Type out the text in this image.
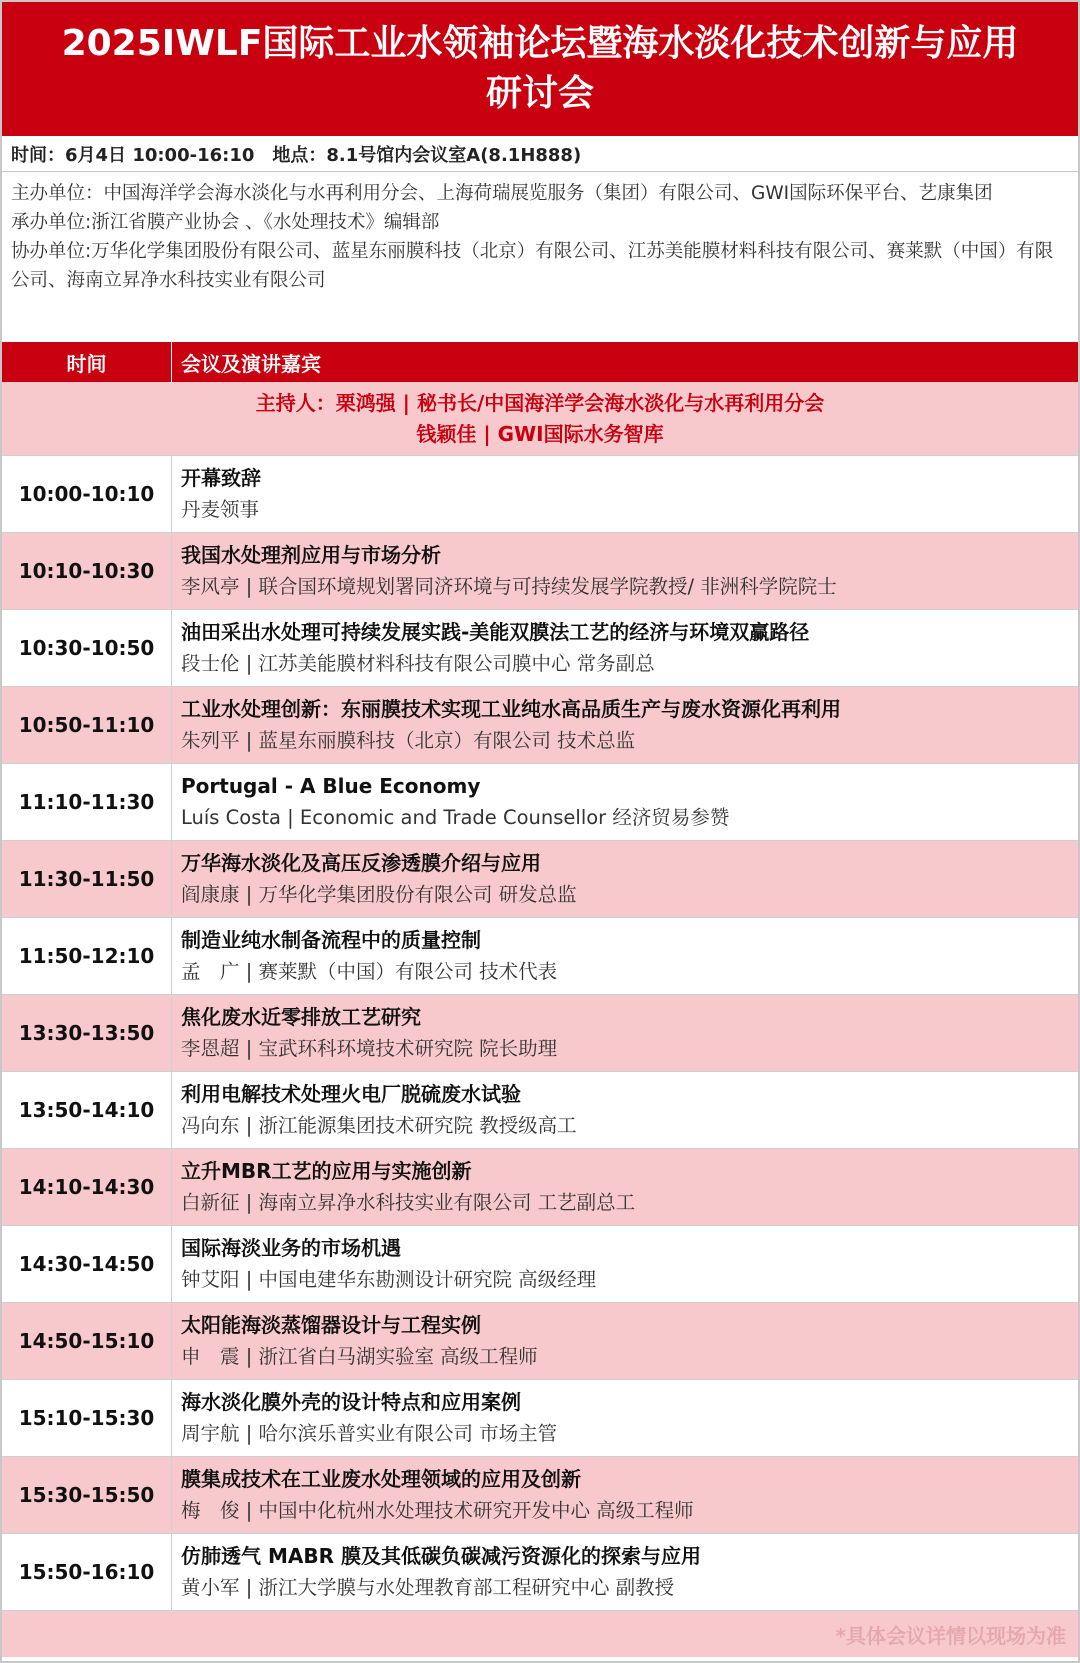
2025IWLF国际工业水领袖论坛暨海水淡化技术创新与应用
研讨会
时间：6月4日 10:00-16:10 地点：8.1号馆内会议室A(8.1H888)
主办单位：中国海洋学会海水淡化与水再利用分会、上海荷瑞展览服务（集团）有限公司、GWI国际环保平台、艺康集团
承办单位:浙江省膜产业协会 、《水处理技术》编辑部
协办单位:万华化学集团股份有限公司、蓝星东丽膜科技（北京）有限公司、江苏美能膜材料科技有限公司、赛莱默（中国）有限公司、海南立昇净水科技实业有限公司
时间	会议及演讲嘉宾
主持人：栗鸿强 | 秘书长/中国海洋学会海水淡化与水再利用分会
钱颖佳 | GWI国际水务智库
10:00-10:10
开幕致辞
丹麦领事
10:10-10:30
我国水处理剂应用与市场分析
李风亭 | 联合国环境规划署同济环境与可持续发展学院教授/ 非洲科学院院士
10:30-10:50
油田采出水处理可持续发展实践-美能双膜法工艺的经济与环境双赢路径
段士伦 | 江苏美能膜材料科技有限公司膜中心 常务副总
10:50-11:10
工业水处理创新：东丽膜技术实现工业纯水高品质生产与废水资源化再利用
朱列平 | 蓝星东丽膜科技（北京）有限公司 技术总监
11:10-11:30
Portugal - A Blue Economy
Luís Costa | Economic and Trade Counsellor 经济贸易参赞
11:30-11:50
万华海水淡化及高压反渗透膜介绍与应用
阎康康 | 万华化学集团股份有限公司 研发总监
11:50-12:10
制造业纯水制备流程中的质量控制
孟　广 | 赛莱默（中国）有限公司 技术代表
13:30-13:50
焦化废水近零排放工艺研究
李恩超 | 宝武环科环境技术研究院 院长助理
13:50-14:10
利用电解技术处理火电厂脱硫废水试验
冯向东 | 浙江能源集团技术研究院 教授级高工
14:10-14:30
立升MBR工艺的应用与实施创新
白新征 | 海南立昇净水科技实业有限公司 工艺副总工
14:30-14:50
国际海淡业务的市场机遇
钟艾阳 | 中国电建华东勘测设计研究院 高级经理
14:50-15:10
太阳能海淡蒸馏器设计与工程实例
申　震 | 浙江省白马湖实验室 高级工程师
15:10-15:30
海水淡化膜外壳的设计特点和应用案例
周宇航 | 哈尔滨乐普实业有限公司 市场主管
15:30-15:50
膜集成技术在工业废水处理领域的应用及创新
梅　俊 | 中国中化杭州水处理技术研究开发中心 高级工程师
15:50-16:10
仿肺透气 MABR 膜及其低碳负碳减污资源化的探索与应用
黄小军 | 浙江大学膜与水处理教育部工程研究中心 副教授
*具体会议详情以现场为准
